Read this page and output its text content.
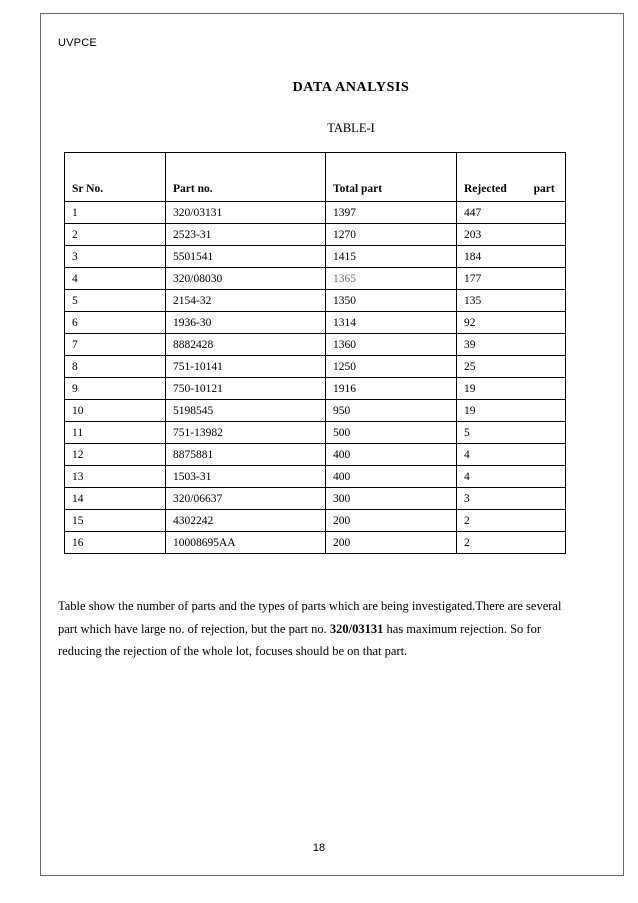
UVPCE
DATA ANALYSIS
TABLE-I
Sr No.	Part no.	Total part	Rejected part
1	320/03131	1397	447
2	2523-31	1270	203
3	5501541	1415	184
4	320/08030	1365	177
5	2154-32	1350	135
6	1936-30	1314	92
7	8882428	1360	39
8	751-10141	1250	25
9	750-10121	1916	19
10	5198545	950	19
11	751-13982	500	5
12	8875881	400	4
13	1503-31	400	4
14	320/06637	300	3
15	4302242	200	2
16	10008695AA	200	2
Table show the number of parts and the types of parts which are being investigated.There are several part which have large no. of rejection, but the part no. 320/03131 has maximum rejection. So for reducing the rejection of the whole lot, focuses should be on that part.
18
